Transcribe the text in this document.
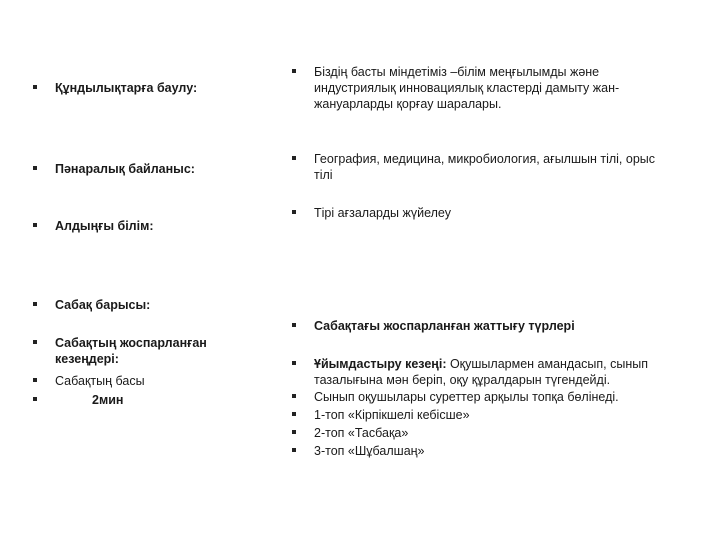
Құндылықтарға баулу:
Пәнаралық байланыс:
Алдыңғы білім:
Сабақ барысы:
Сабақтың жоспарланған кезеңдері:
Сабақтың басы
2мин
Біздің басты міндетіміз –білім меңғылымды және индустриялық инновациялық кластерді дамыту жан-жануарларды қорғау шаралары.
География, медицина, микробиология, ағылшын тілі, орыс тілі
Тірі ағзаларды жүйелеу
Сабақтағы жоспарланған жаттығу түрлері
Ұйымдастыру кезеңі: Оқушылармен амандасып, сынып тазалығына мән беріп, оқу құралдарын түгендейді.
Сынып оқушылары суреттер арқылы топқа бөлінеді.
1-топ «Кірпікшелі кебісше»
2-топ «Тасбақа»
3-топ «Шұбалшаң»
